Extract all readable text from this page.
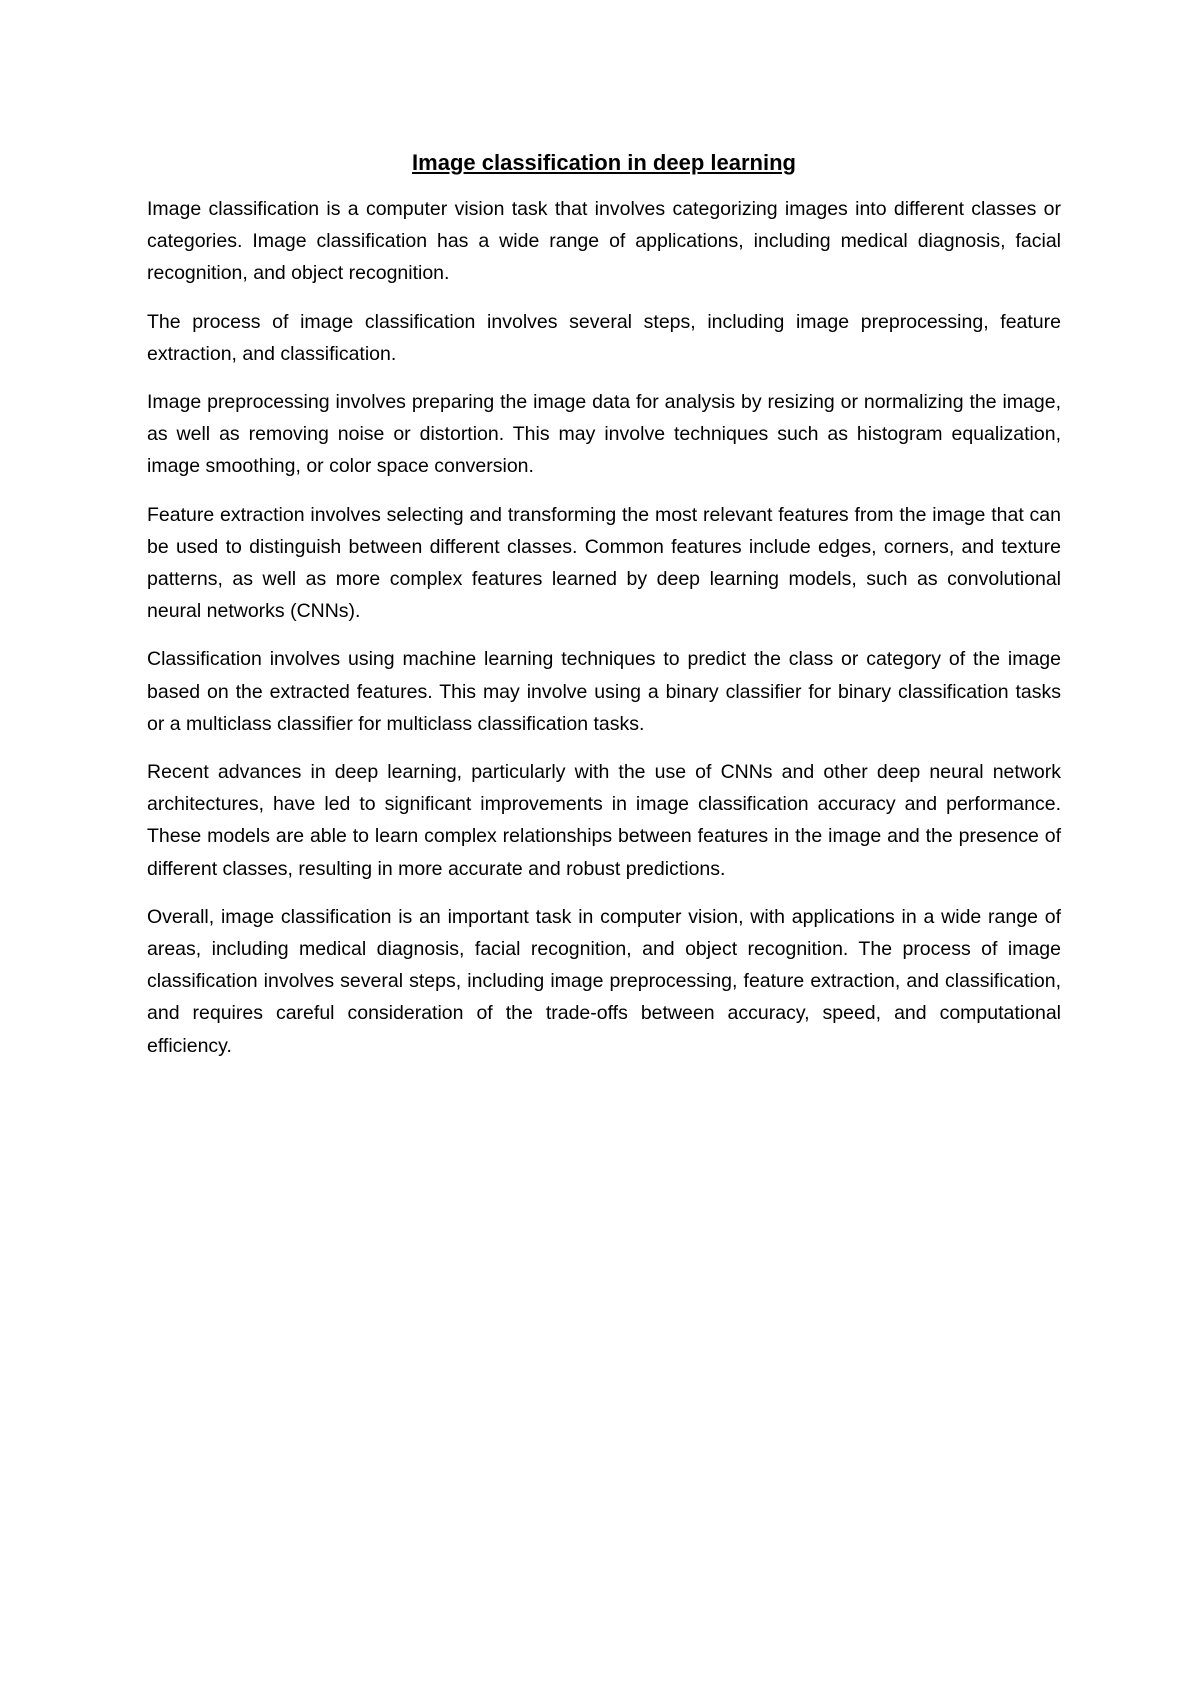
Image classification in deep learning

Image classification is a computer vision task that involves categorizing images into different classes or categories. Image classification has a wide range of applications, including medical diagnosis, facial recognition, and object recognition.

The process of image classification involves several steps, including image preprocessing, feature extraction, and classification.

Image preprocessing involves preparing the image data for analysis by resizing or normalizing the image, as well as removing noise or distortion. This may involve techniques such as histogram equalization, image smoothing, or color space conversion.

Feature extraction involves selecting and transforming the most relevant features from the image that can be used to distinguish between different classes. Common features include edges, corners, and texture patterns, as well as more complex features learned by deep learning models, such as convolutional neural networks (CNNs).

Classification involves using machine learning techniques to predict the class or category of the image based on the extracted features. This may involve using a binary classifier for binary classification tasks or a multiclass classifier for multiclass classification tasks.

Recent advances in deep learning, particularly with the use of CNNs and other deep neural network architectures, have led to significant improvements in image classification accuracy and performance. These models are able to learn complex relationships between features in the image and the presence of different classes, resulting in more accurate and robust predictions.

Overall, image classification is an important task in computer vision, with applications in a wide range of areas, including medical diagnosis, facial recognition, and object recognition. The process of image classification involves several steps, including image preprocessing, feature extraction, and classification, and requires careful consideration of the trade-offs between accuracy, speed, and computational efficiency.
